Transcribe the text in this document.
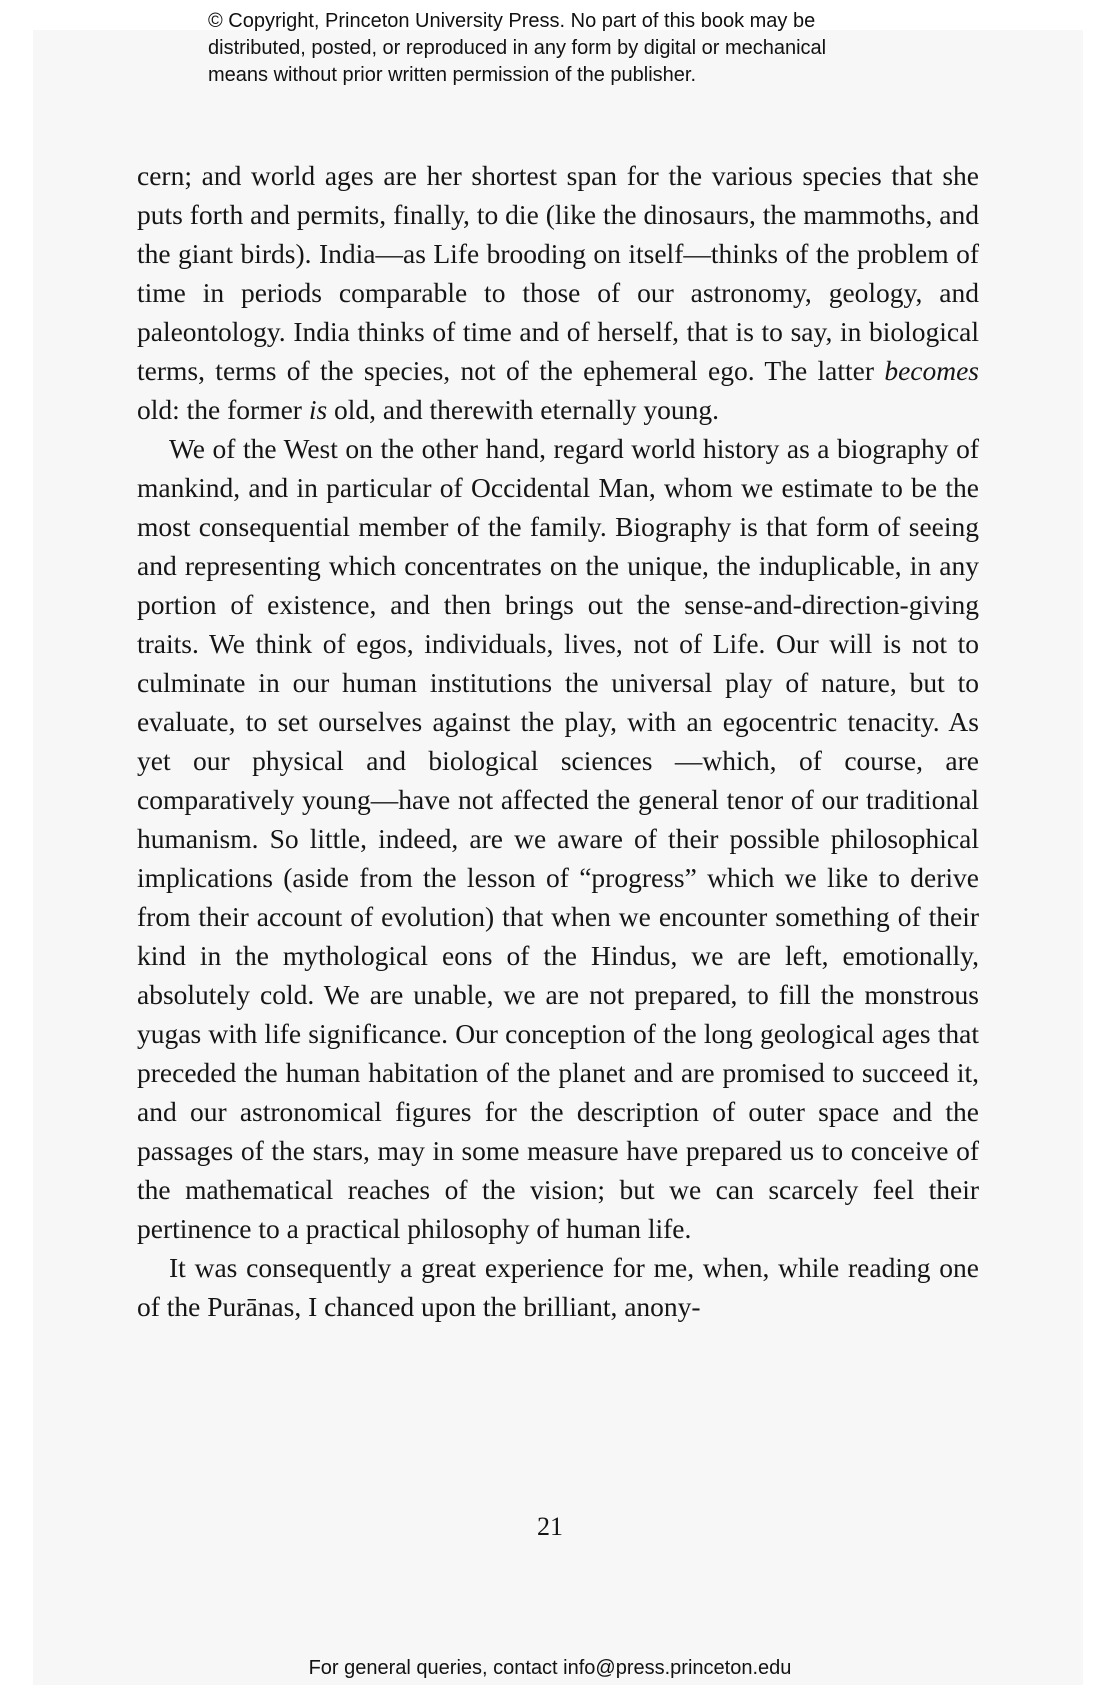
© Copyright, Princeton University Press. No part of this book may be
distributed, posted, or reproduced in any form by digital or mechanical
means without prior written permission of the publisher.

cern; and world ages are her shortest span for the various species that she puts forth and permits, finally, to die (like the dinosaurs, the mammoths, and the giant birds). India—as Life brooding on itself—thinks of the problem of time in periods comparable to those of our astronomy, geology, and paleontology. India thinks of time and of herself, that is to say, in biological terms, terms of the species, not of the ephemeral ego. The latter becomes old: the former is old, and therewith eternally young.

We of the West on the other hand, regard world history as a biography of mankind, and in particular of Occidental Man, whom we estimate to be the most consequential member of the family. Biography is that form of seeing and representing which concentrates on the unique, the induplicable, in any portion of existence, and then brings out the sense-and-direction-giving traits. We think of egos, individuals, lives, not of Life. Our will is not to culminate in our human institutions the universal play of nature, but to evaluate, to set ourselves against the play, with an egocentric tenacity. As yet our physical and biological sciences —which, of course, are comparatively young—have not affected the general tenor of our traditional humanism. So little, indeed, are we aware of their possible philosophical implications (aside from the lesson of “progress” which we like to derive from their account of evolution) that when we encounter something of their kind in the mythological eons of the Hindus, we are left, emotionally, absolutely cold. We are unable, we are not prepared, to fill the monstrous yugas with life significance. Our conception of the long geological ages that preceded the human habitation of the planet and are promised to succeed it, and our astronomical figures for the description of outer space and the passages of the stars, may in some measure have prepared us to conceive of the mathematical reaches of the vision; but we can scarcely feel their pertinence to a practical philosophy of human life.

It was consequently a great experience for me, when, while reading one of the Purānas, I chanced upon the brilliant, anony-

21
For general queries, contact info@press.princeton.edu
